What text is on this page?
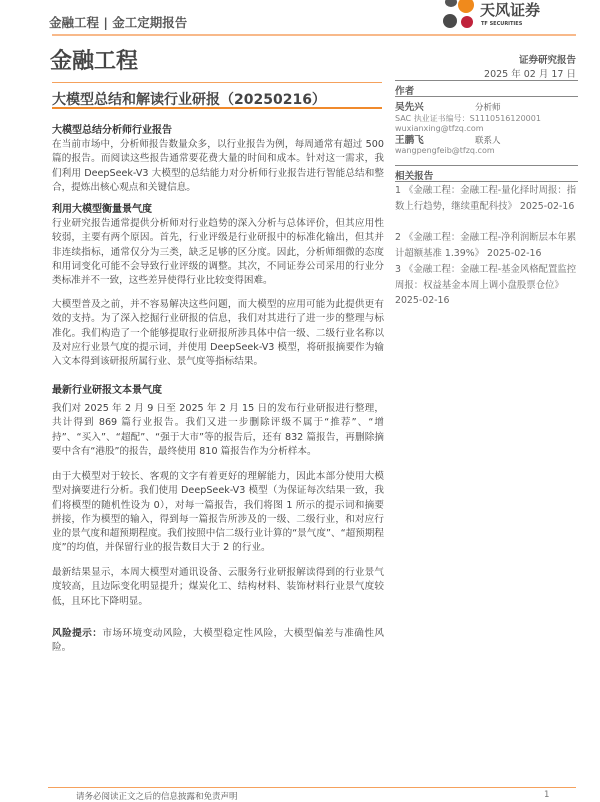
金融工程 | 金工定期报告
天风证券
TF SECURITIES
金融工程	证券研究报告
2025 年 02 月 17 日
大模型总结和解读行业研报（20250216）
大模型总结分析师行业报告
在当前市场中，分析师报告数量众多，以行业报告为例，每周通常有超过 500 篇的报告。而阅读这些报告通常要花费大量的时间和成本。针对这一需求，我们利用 DeepSeek-V3 大模型的总结能力对分析师行业报告进行智能总结和整合，提炼出核心观点和关键信息。
利用大模型衡量景气度
行业研究报告通常提供分析师对行业趋势的深入分析与总体评价，但其应用性较弱，主要有两个原因。首先，行业评级是行业研报中的标准化输出，但其并非连续指标，通常仅分为三类，缺乏足够的区分度。因此，分析师细微的态度和用词变化可能不会导致行业评级的调整。其次，不同证券公司采用的行业分类标准并不一致，这些差异使得行业比较变得困难。
大模型普及之前，并不容易解决这些问题，而大模型的应用可能为此提供更有效的支持。为了深入挖掘行业研报的信息，我们对其进行了进一步的整理与标准化。我们构造了一个能够提取行业研报所涉具体中信一级、二级行业名称以及对应行业景气度的提示词，并使用 DeepSeek-V3 模型，将研报摘要作为输入文本得到该研报所属行业、景气度等指标结果。
最新行业研报文本景气度
我们对 2025 年 2 月 9 日至 2025 年 2 月 15 日的发布行业研报进行整理，共计得到 869 篇行业报告。我们又进一步删除评级不属于“推荐”、“增持”、“买入”、“超配”、“强于大市”等的报告后，还有 832 篇报告，再删除摘要中含有“港股”的报告，最终使用 810 篇报告作为分析样本。
由于大模型对于较长、客观的文字有着更好的理解能力，因此本部分使用大模型对摘要进行分析。我们使用 DeepSeek-V3 模型（为保证每次结果一致，我们将模型的随机性设为 0），对每一篇报告，我们将图 1 所示的提示词和摘要拼接，作为模型的输入，得到每一篇报告所涉及的一级、二级行业，和对应行业的景气度和超预期程度。我们按照中信二级行业计算的“景气度”、“超预期程度”的均值，并保留行业的报告数目大于 2 的行业。
最新结果显示，本周大模型对通讯设备、云服务行业研报解读得到的行业景气度较高，且边际变化明显提升；煤炭化工、结构材料、装饰材料行业景气度较低，且环比下降明显。
风险提示：市场环境变动风险，大模型稳定性风险，大模型偏差与准确性风险。
作者
吴先兴	分析师
SAC 执业证书编号：S1110516120001
wuxianxing@tfzq.com
王鹏飞	联系人
wangpengfeib@tfzq.com
相关报告
1 《金融工程：金融工程-量化择时周报：指数上行趋势，继续重配科技》 2025-02-16
2 《金融工程：金融工程-净利润断层本年累计超额基准 1.39%》 2025-02-16
3 《金融工程：金融工程-基金风格配置监控周报：权益基金本周上调小盘股票仓位》 2025-02-16
请务必阅读正文之后的信息披露和免责声明	1
